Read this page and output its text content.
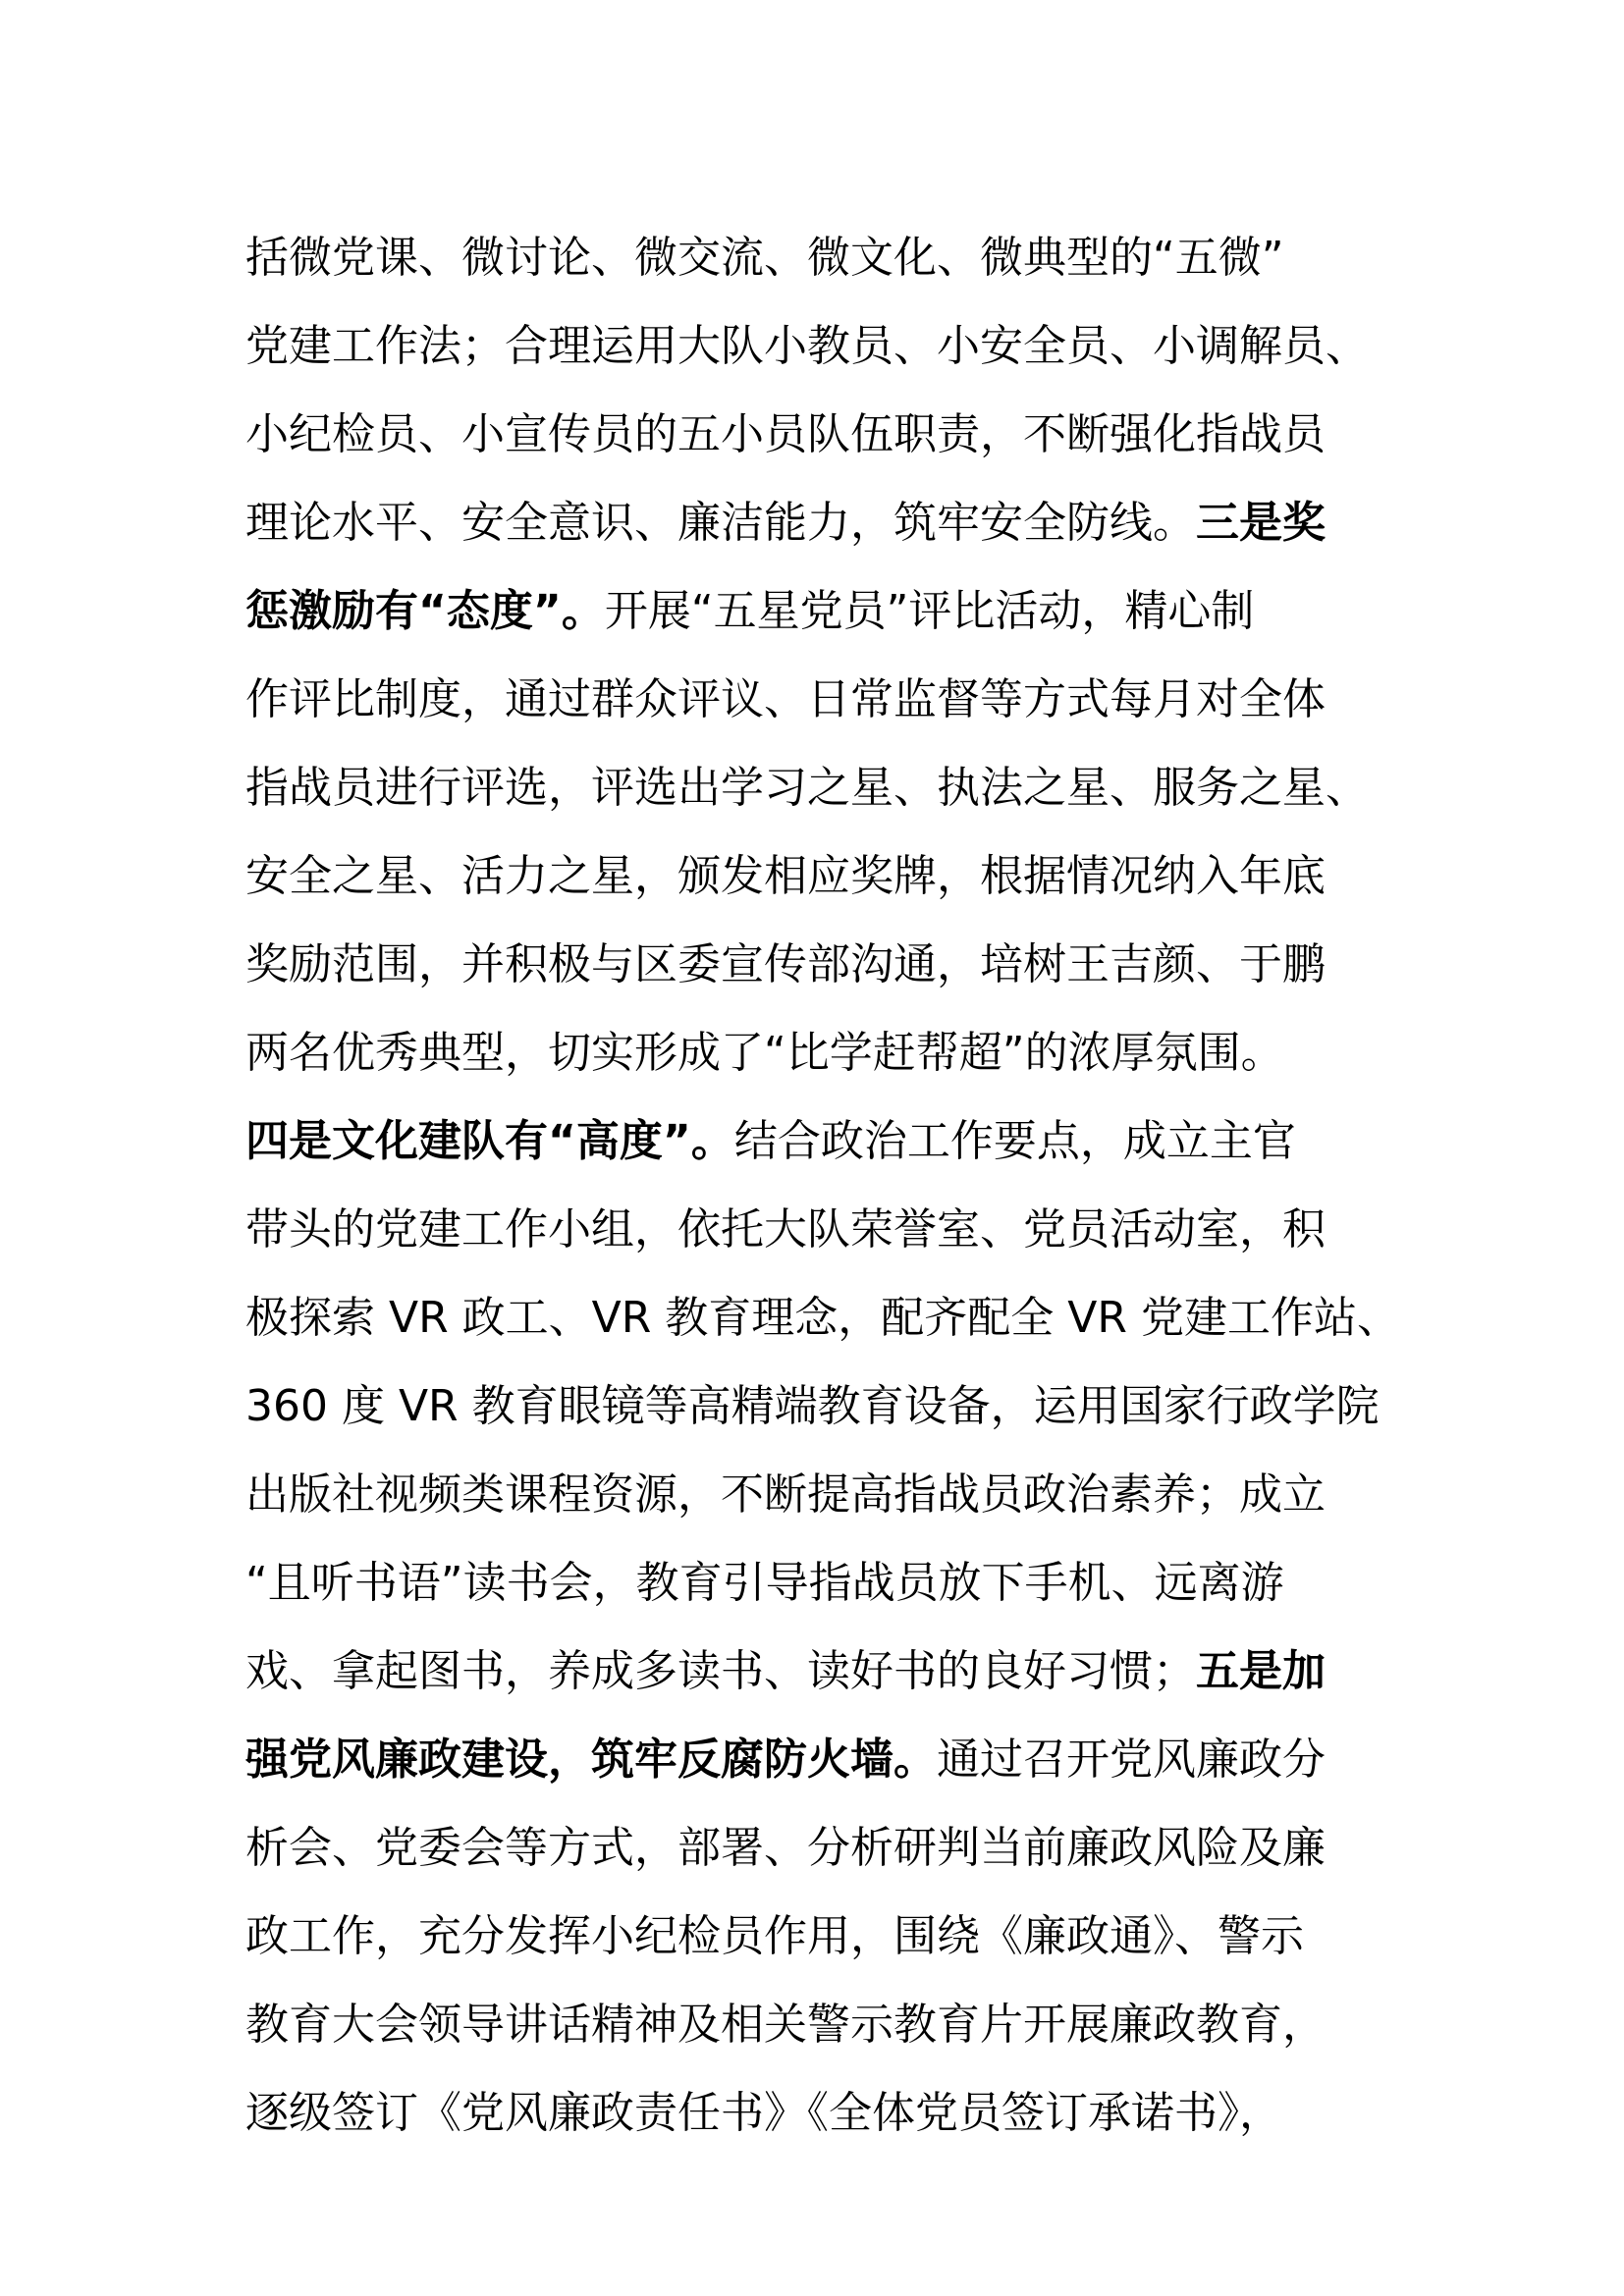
括微党课、微讨论、微交流、微文化、微典型的“五微”
党建工作法；合理运用大队小教员、小安全员、小调解员、
小纪检员、小宣传员的五小员队伍职责，不断强化指战员
理论水平、安全意识、廉洁能力，筑牢安全防线。三是奖
惩激励有“态度”。开展“五星党员”评比活动，精心制
作评比制度，通过群众评议、日常监督等方式每月对全体
指战员进行评选，评选出学习之星、执法之星、服务之星、
安全之星、活力之星，颁发相应奖牌，根据情况纳入年底
奖励范围，并积极与区委宣传部沟通，培树王吉颜、于鹏
两名优秀典型，切实形成了“比学赶帮超”的浓厚氛围。
四是文化建队有“高度”。结合政治工作要点，成立主官
带头的党建工作小组，依托大队荣誉室、党员活动室，积
极探索 VR 政工、VR 教育理念，配齐配全 VR 党建工作站、
360 度 VR 教育眼镜等高精端教育设备，运用国家行政学院
出版社视频类课程资源，不断提高指战员政治素养；成立
“且听书语”读书会，教育引导指战员放下手机、远离游
戏、拿起图书，养成多读书、读好书的良好习惯；五是加
强党风廉政建设，筑牢反腐防火墙。通过召开党风廉政分
析会、党委会等方式，部署、分析研判当前廉政风险及廉
政工作，充分发挥小纪检员作用，围绕《廉政通》、警示
教育大会领导讲话精神及相关警示教育片开展廉政教育，
逐级签订《党风廉政责任书》《全体党员签订承诺书》，
